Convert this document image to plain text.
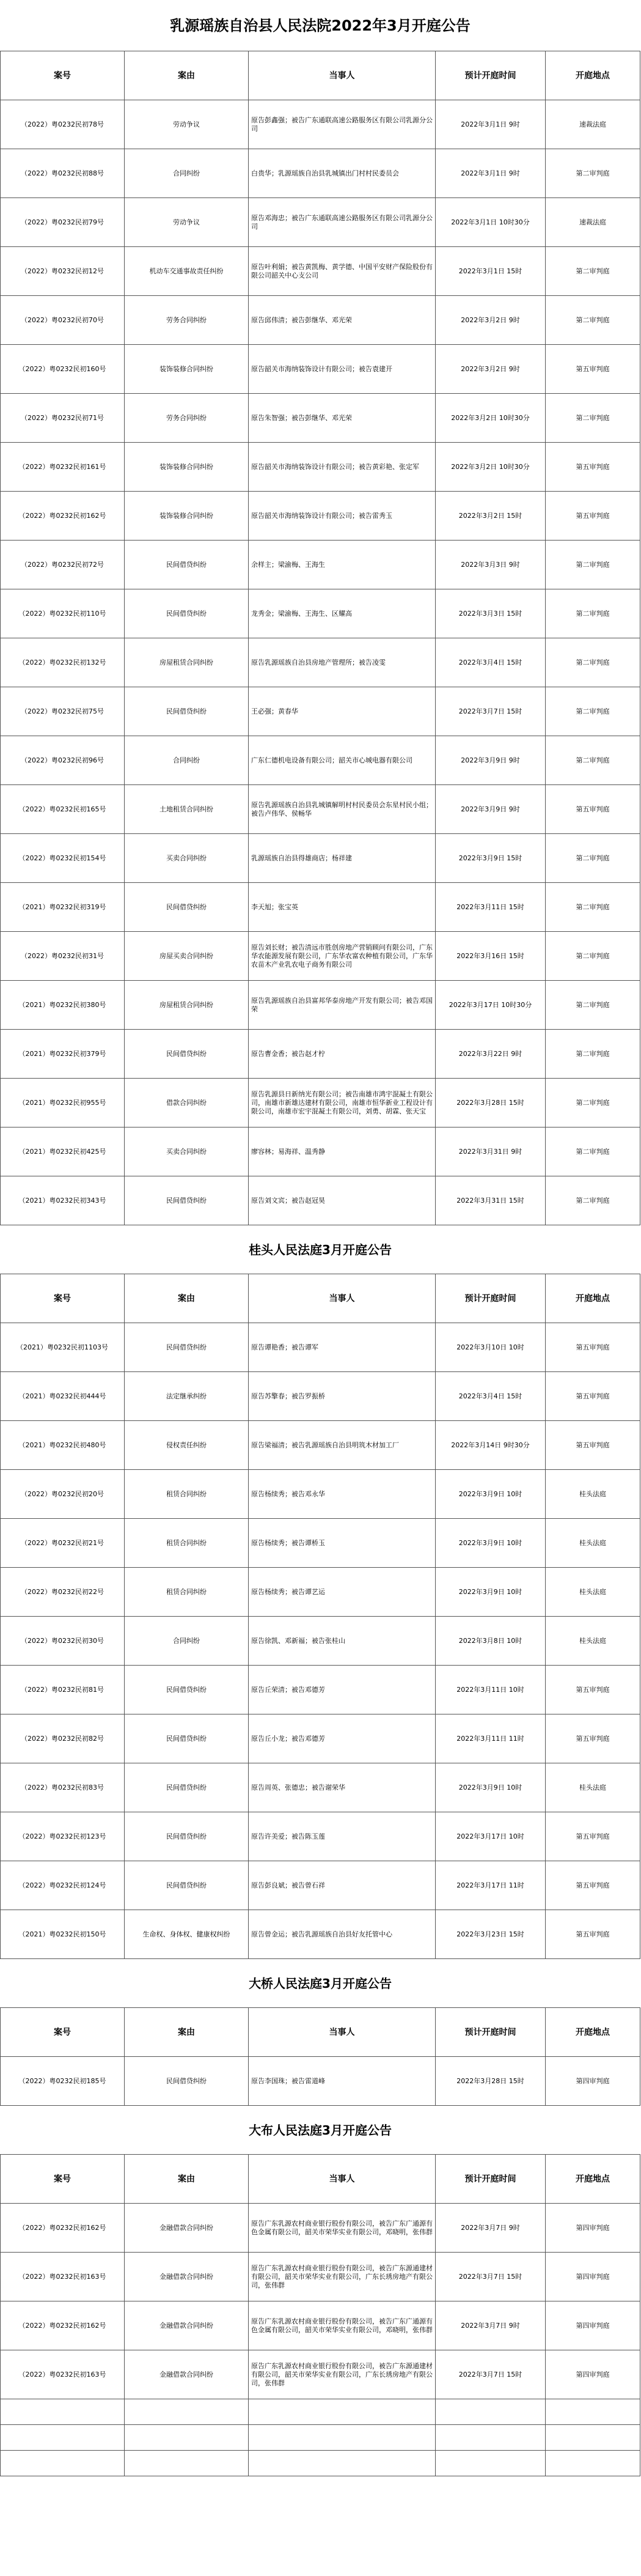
乳源瑶族自治县人民法院2022年3月开庭公告				
案号	案由	当事人	预计开庭时间	开庭地点
（2022）粤0232民初78号	劳动争议	原告彭鑫强；被告广东通联高速公路服务区有限公司乳源分公司	2022年3月1日 9时	速裁法庭
（2022）粤0232民初88号	合同纠纷	白贵华；乳源瑶族自治县乳城镇出门村村民委员会	2022年3月1日 9时	第二审判庭
（2022）粤0232民初79号	劳动争议	原告邓海忠；被告广东通联高速公路服务区有限公司乳源分公司	2022年3月1日 10时30分	速裁法庭
（2022）粤0232民初12号	机动车交通事故责任纠纷	原告叶利娟；被告黄凯梅、黄学德、中国平安财产保险股份有限公司韶关中心支公司	2022年3月1日 15时	第二审判庭
（2022）粤0232民初70号	劳务合同纠纷	原告邱伟清；被告彭继华、邓光荣	2022年3月2日 9时	第二审判庭
（2022）粤0232民初160号	装饰装修合同纠纷	原告韶关市海纳装饰设计有限公司；被告袁建开	2022年3月2日 9时	第五审判庭
（2022）粤0232民初71号	劳务合同纠纷	原告朱智强；被告彭继华、邓光荣	2022年3月2日 10时30分	第二审判庭
（2022）粤0232民初161号	装饰装修合同纠纷	原告韶关市海纳装饰设计有限公司；被告黄彩艳、张定军	2022年3月2日 10时30分	第五审判庭
（2022）粤0232民初162号	装饰装修合同纠纷	原告韶关市海纳装饰设计有限公司；被告雷秀玉	2022年3月2日 15时	第五审判庭
（2022）粤0232民初72号	民间借贷纠纷	余样主；梁渝梅、王海生	2022年3月3日 9时	第二审判庭
（2022）粤0232民初110号	民间借贷纠纷	龙秀金；梁渝梅、王海生、区耀高	2022年3月3日 15时	第二审判庭
（2022）粤0232民初132号	房屋租赁合同纠纷	原告乳源瑶族自治县房地产管理所；被告凌雯	2022年3月4日 15时	第二审判庭
（2022）粤0232民初75号	民间借贷纠纷	王必强；黄春华	2022年3月7日 15时	第二审判庭
（2022）粤0232民初96号	合同纠纷	广东仁德机电设备有限公司；韶关市心城电器有限公司	2022年3月9日 9时	第二审判庭
（2022）粤0232民初165号	土地租赁合同纠纷	原告乳源瑶族自治县乳城镇解明村村民委员会东星村民小组；被告卢伟华、侯畅华	2022年3月9日 9时	第五审判庭
（2022）粤0232民初154号	买卖合同纠纷	乳源瑶族自治县得雄商店；杨祥建	2022年3月9日 15时	第二审判庭
（2021）粤0232民初319号	民间借贷纠纷	李天旭；张宝英	2022年3月11日 15时	第二审判庭
（2022）粤0232民初31号	房屋买卖合同纠纷	原告刘长财；被告清远市胜创房地产营销顾问有限公司，广东华农能源发展有限公司，广东华农富农种植有限公司，广东华农苗木产业乳农电子商务有限公司	2022年3月16日 15时	第二审判庭
（2021）粤0232民初380号	房屋租赁合同纠纷	原告乳源瑶族自治县富邦华泰房地产开发有限公司；被告邓国荣	2022年3月17日 10时30分	第二审判庭
（2021）粤0232民初379号	民间借贷纠纷	原告曹金香；被告赵才柠	2022年3月22日 9时	第二审判庭
（2021）粤0232民初955号	借款合同纠纷	原告乳源县日新纳光有限公司；被告南雄市鸿宇混凝土有限公司，南雄市新雄达建材有限公司，南雄市恒华新业工程设计有限公司，南雄市宏宇混凝土有限公司，刘勇、胡霖、张天宝	2022年3月28日 15时	第二审判庭
（2021）粤0232民初425号	买卖合同纠纷	廖容林；易海祥、温秀静	2022年3月31日 9时	第二审判庭
（2021）粤0232民初343号	民间借贷纠纷	原告刘文宾；被告赵冠昊	2022年3月31日 15时	第二审判庭
桂头人民法庭3月开庭公告				
案号	案由	当事人	预计开庭时间	开庭地点
（2021）粤0232民初1103号	民间借贷纠纷	原告谭艳香；被告谭军	2022年3月10日 10时	第五审判庭
（2021）粤0232民初444号	法定继承纠纷	原告苏擎春；被告罗振桥	2022年3月4日 15时	第五审判庭
（2021）粤0232民初480号	侵权责任纠纷	原告梁福清；被告乳源瑶族自治县明筑木材加工厂	2022年3月14日 9时30分	第五审判庭
（2022）粤0232民初20号	租赁合同纠纷	原告杨续秀；被告邓永华	2022年3月9日 10时	桂头法庭
（2022）粤0232民初21号	租赁合同纠纷	原告杨续秀；被告谭桥玉	2022年3月9日 10时	桂头法庭
（2022）粤0232民初22号	租赁合同纠纷	原告杨续秀；被告谭艺运	2022年3月9日 10时	桂头法庭
（2022）粤0232民初30号	合同纠纷	原告徐凯、邓新福；被告张桂山	2022年3月8日 10时	桂头法庭
（2022）粤0232民初81号	民间借贷纠纷	原告丘荣清；被告邓德芳	2022年3月11日 10时	第五审判庭
（2022）粤0232民初82号	民间借贷纠纷	原告丘小龙；被告邓德芳	2022年3月11日 11时	第五审判庭
（2022）粤0232民初83号	民间借贷纠纷	原告周英、张德忠；被告谢荣华	2022年3月9日 10时	桂头法庭
（2022）粤0232民初123号	民间借贷纠纷	原告许美爱；被告陈玉莲	2022年3月17日 10时	第五审判庭
（2022）粤0232民初124号	民间借贷纠纷	原告彭良斌；被告曾石祥	2022年3月17日 11时	第五审判庭
（2021）粤0232民初150号	生命权、身体权、健康权纠纷	原告曾金运；被告乳源瑶族自治县好友托管中心	2022年3月23日 15时	第五审判庭
大桥人民法庭3月开庭公告				
案号	案由	当事人	预计开庭时间	开庭地点
（2022）粤0232民初185号	民间借贷纠纷	原告李国珠；被告雷道峰	2022年3月28日 15时	第四审判庭
大布人民法庭3月开庭公告				
案号	案由	当事人	预计开庭时间	开庭地点
（2022）粤0232民初162号	金融借款合同纠纷	原告广东乳源农村商业银行股份有限公司，被告广东广通源有色金属有限公司，韶关市荣华实业有限公司，邓晓明，张伟群	2022年3月7日 9时	第四审判庭
（2022）粤0232民初163号	金融借款合同纠纷	原告广东乳源农村商业银行股份有限公司，被告广东源通建材有限公司，韶关市荣华实业有限公司，广东长琇房地产有限公司，张伟群	2022年3月7日 15时	第四审判庭
（2022）粤0232民初162号	金融借款合同纠纷	原告广东乳源农村商业银行股份有限公司，被告广东广通源有色金属有限公司，韶关市荣华实业有限公司，邓晓明，张伟群	2022年3月7日 9时	第四审判庭
（2022）粤0232民初163号	金融借款合同纠纷	原告广东乳源农村商业银行股份有限公司，被告广东源通建材有限公司，韶关市荣华实业有限公司，广东长琇房地产有限公司，张伟群	2022年3月7日 15时	第四审判庭
